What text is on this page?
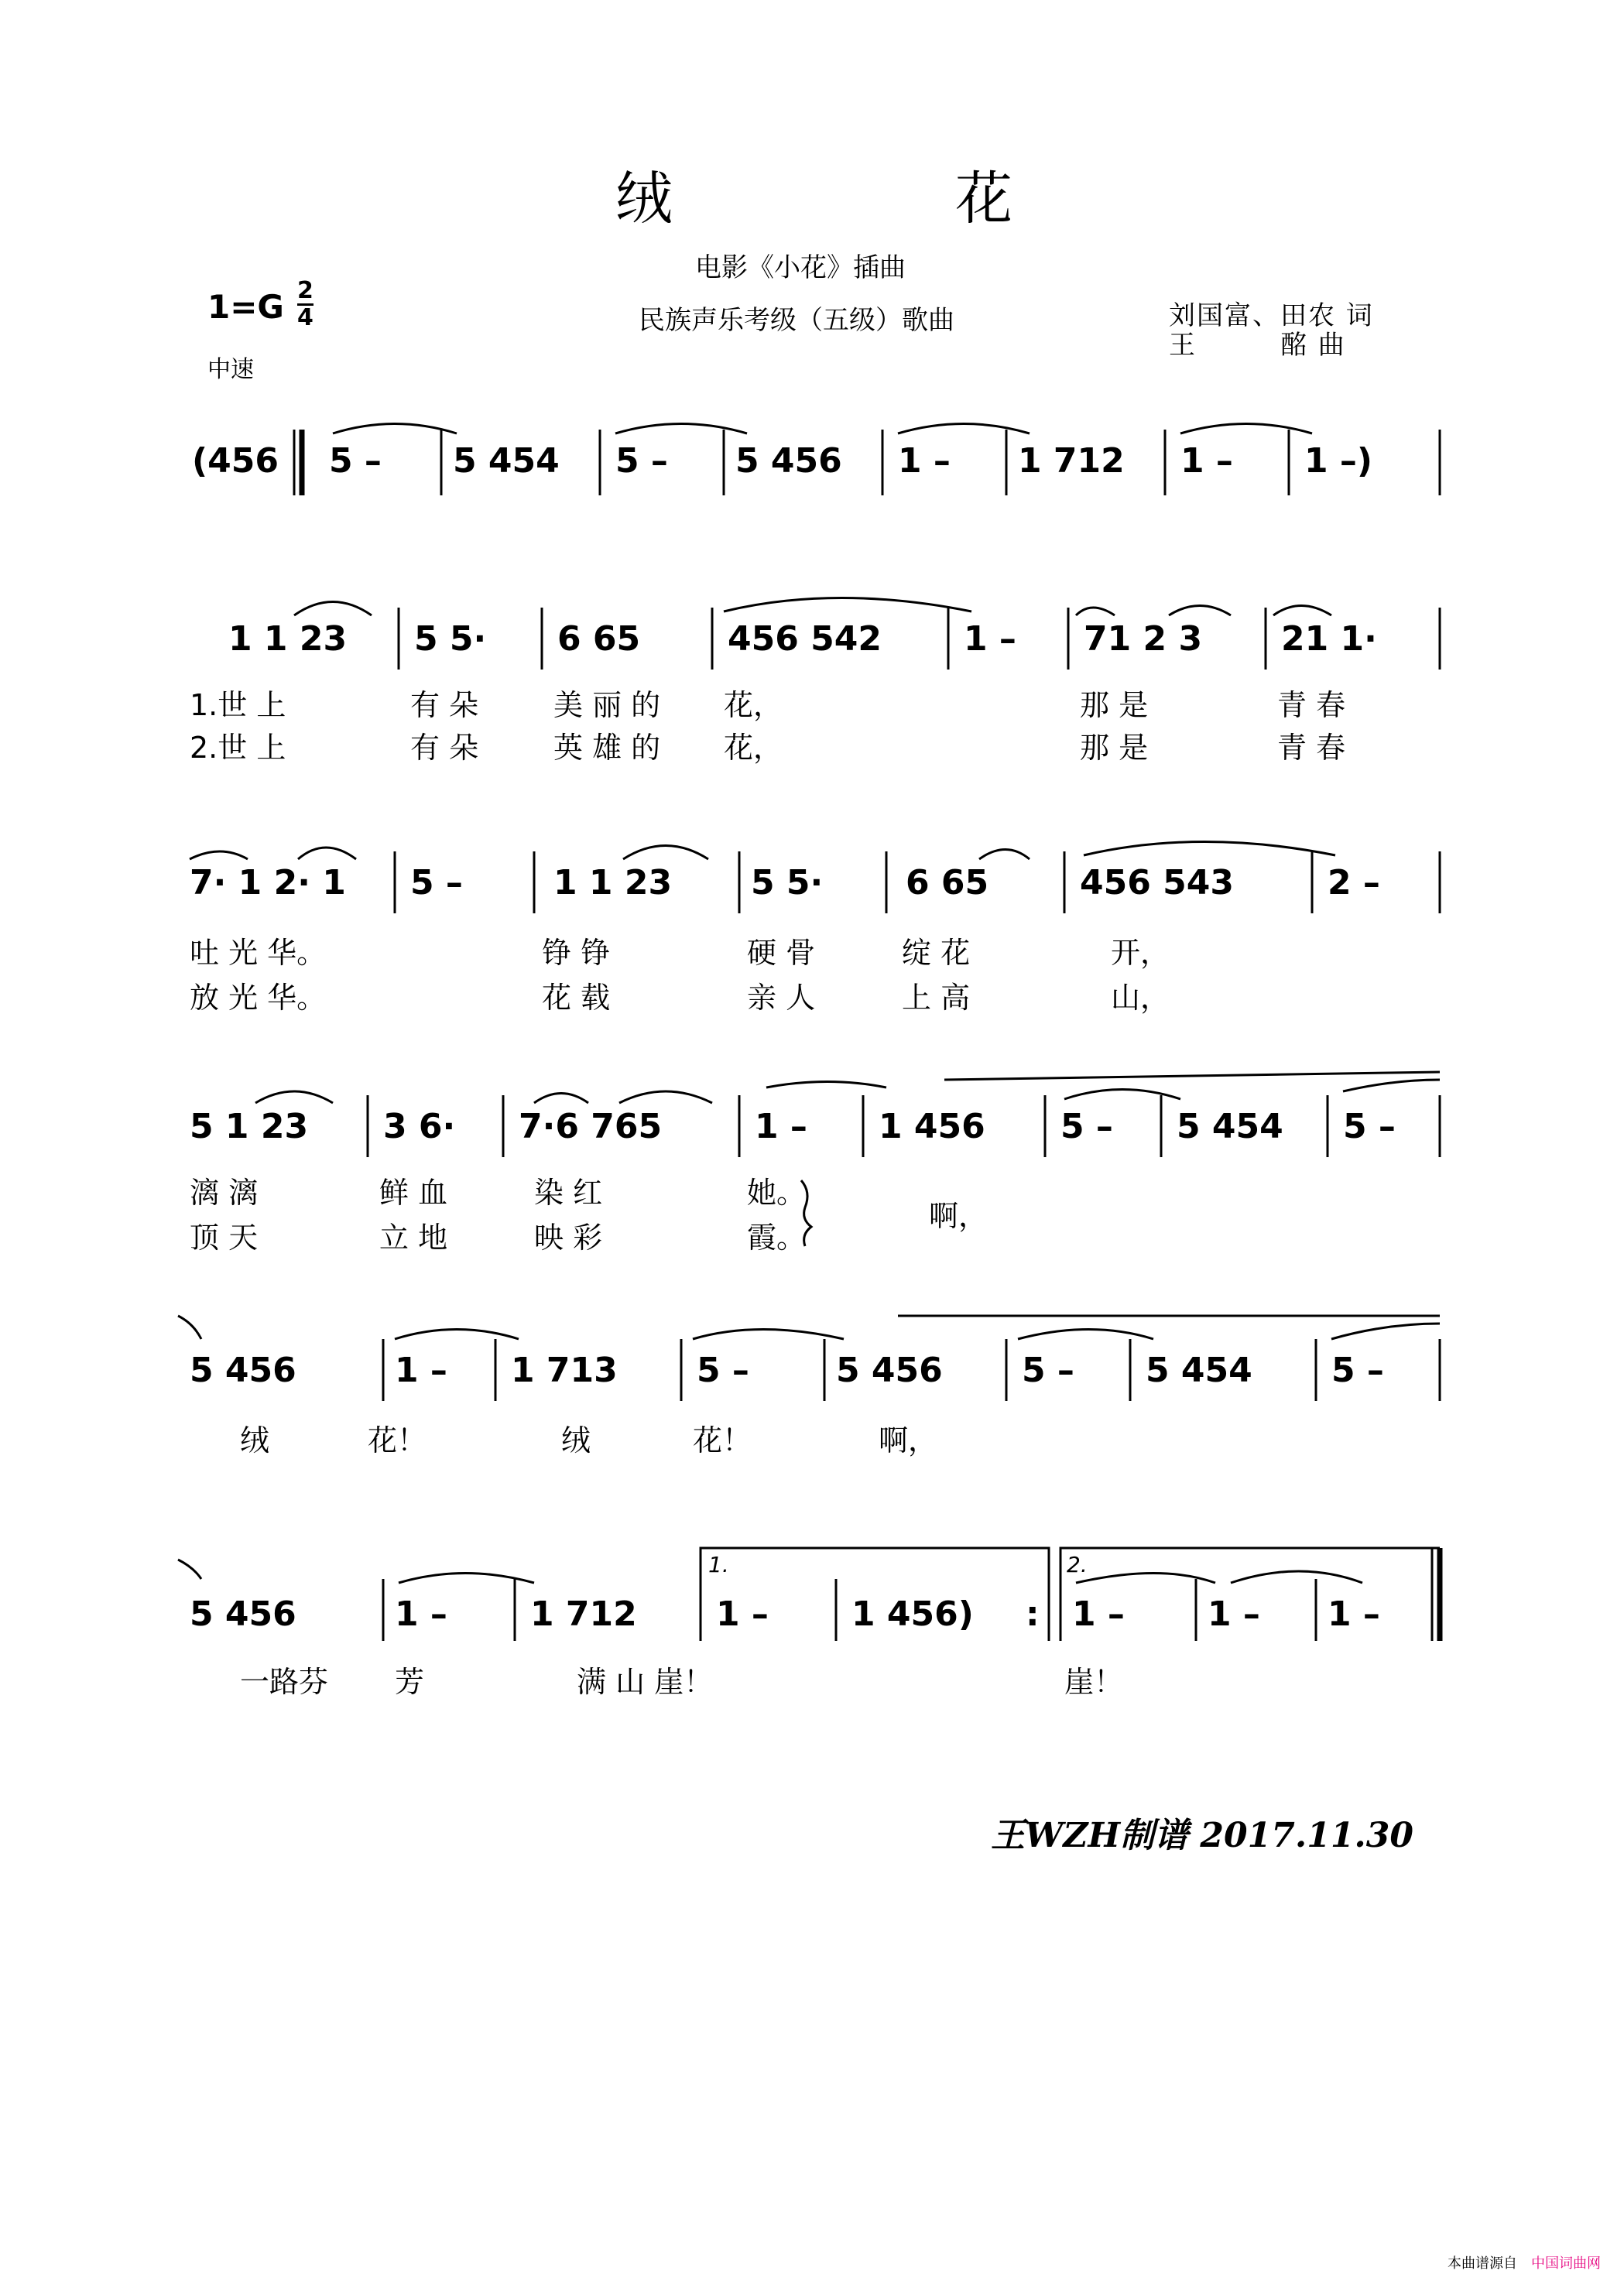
绒	花
电影《小花》插曲
民族声乐考级（五级）歌曲
1=G 2
4
中速
刘国富、田农 词
王　　　酩 曲
(456 5 – 5 454 5 – 5 456 1 – 1 712 1 – 1 –)
1 1 23 5 5· 6 65	456 542 1 – 71 2 3 21 1·
1.世 上	有 朵	美 丽 的 花，	那 是	青 春
2.世 上	有 朵	英 雄 的 花，	那 是	青 春
7· 1 2· 1 5 –	1 1 23 5 5· 6 65	456 543	2 –
吐 光 华。	铮 铮	硬 骨	绽 花	开，
放 光 华。	花 载	亲 人	上 高	山，
5 1 23 3 6· 7·6 765	1 – 1 456 5 – 5 454 5 –
漓 漓	鲜 血	染 红	她。
啊，
顶 天	立 地	映 彩	霞。
5 456	1 – 1 713 5 –	5 456 5 – 5 454 5 –
绒	花！	绒	花！	啊，
1.	2.
5 456	1 – 1 712 1 – 1 456) : 1 – 1 – 1 –
一路芬 芳	满 山 崖！	崖！
王WZH制谱 2017.11.30
本曲谱源自 中国词曲网
